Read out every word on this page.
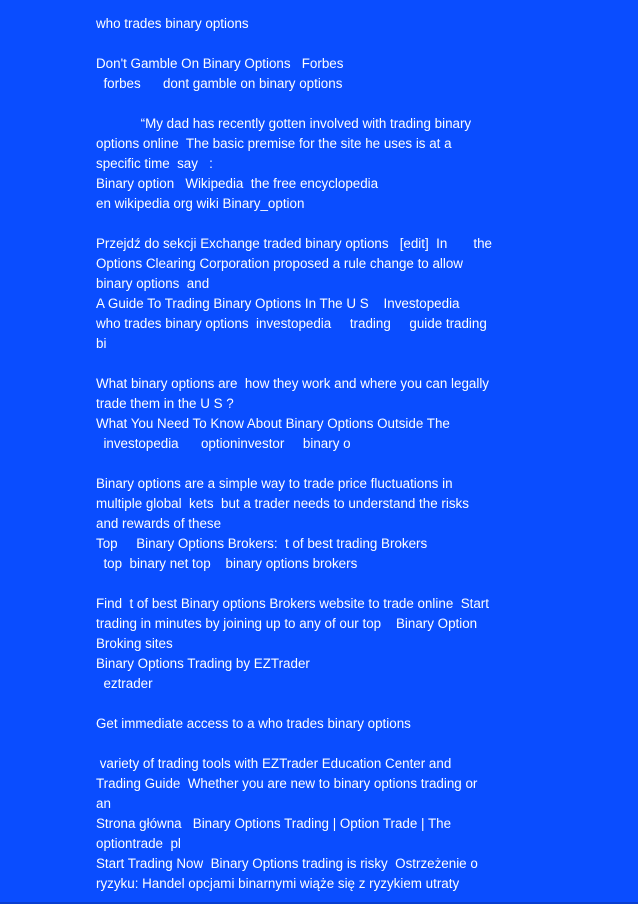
who trades binary options
Don't Gamble On Binary Options   Forbes
forbes      dont gamble on binary options
“My dad has recently gotten involved with trading binary
options online  The basic premise for the site he uses is at a
specific time  say   :
Binary option   Wikipedia  the free encyclopedia
en wikipedia org wiki Binary_option
Przejdź do sekcji Exchange traded binary options   [edit]  In       the
Options Clearing Corporation proposed a rule change to allow
binary options  and
A Guide To Trading Binary Options In The U S    Investopedia
who trades binary options  investopedia     trading     guide trading
bi
What binary options are  how they work and where you can legally
trade them in the U S ?
What You Need To Know About Binary Options Outside The
investopedia      optioninvestor     binary o
Binary options are a simple way to trade price fluctuations in
multiple global  kets  but a trader needs to understand the risks
and rewards of these
Top     Binary Options Brokers:  t of best trading Brokers
top  binary net top    binary options brokers
Find  t of best Binary options Brokers website to trade online  Start
trading in minutes by joining up to any of our top    Binary Option
Broking sites
Binary Options Trading by EZTrader
eztrader
Get immediate access to a who trades binary options
variety of trading tools with EZTrader Education Center and
Trading Guide  Whether you are new to binary options trading or
an
Strona główna   Binary Options Trading | Option Trade | The
optiontrade  pl
Start Trading Now  Binary Options trading is risky  Ostrzeżenie o
ryzyku: Handel opcjami binarnymi wiąże się z ryzykiem utraty
